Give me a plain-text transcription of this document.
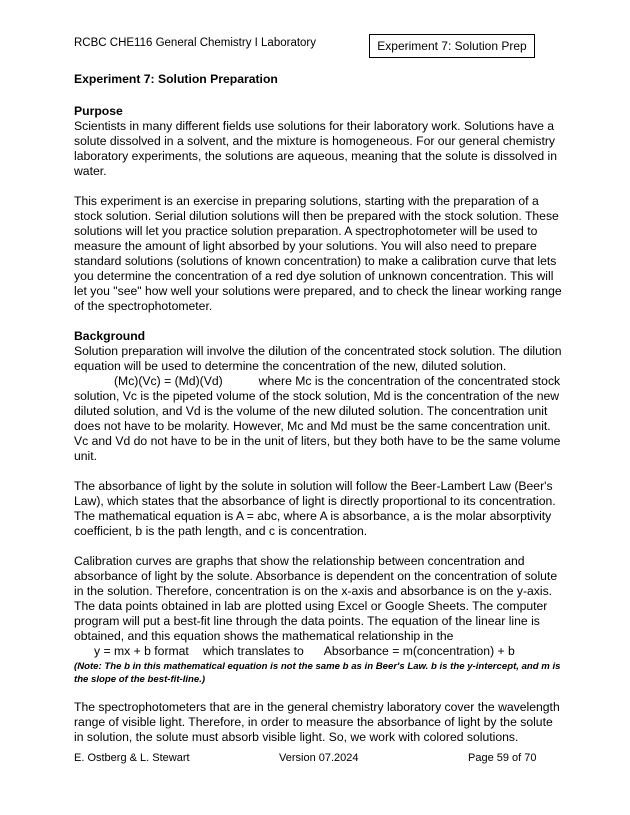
RCBC CHE116 General Chemistry I Laboratory	Experiment 7: Solution Prep
Experiment 7: Solution Preparation
Purpose

Scientists in many different fields use solutions for their laboratory work. Solutions have a solute dissolved in a solvent, and the mixture is homogeneous. For our general chemistry laboratory experiments, the solutions are aqueous, meaning that the solute is dissolved in water.

This experiment is an exercise in preparing solutions, starting with the preparation of a stock solution. Serial dilution solutions will then be prepared with the stock solution. These solutions will let you practice solution preparation. A spectrophotometer will be used to measure the amount of light absorbed by your solutions. You will also need to prepare standard solutions (solutions of known concentration) to make a calibration curve that lets you determine the concentration of a red dye solution of unknown concentration. This will let you "see" how well your solutions were prepared, and to check the linear working range of the spectrophotometer.

Background

Solution preparation will involve the dilution of the concentrated stock solution. The dilution equation will be used to determine the concentration of the new, diluted solution.
(Mc)(Vc) = (Md)(Vd)	where Mc is the concentration of the concentrated stock solution, Vc is the pipeted volume of the stock solution, Md is the concentration of the new diluted solution, and Vd is the volume of the new diluted solution. The concentration unit does not have to be molarity. However, Mc and Md must be the same concentration unit. Vc and Vd do not have to be in the unit of liters, but they both have to be the same volume unit.

The absorbance of light by the solute in solution will follow the Beer-Lambert Law (Beer's Law), which states that the absorbance of light is directly proportional to its concentration. The mathematical equation is A = abc, where A is absorbance, a is the molar absorptivity coefficient, b is the path length, and c is concentration.

Calibration curves are graphs that show the relationship between concentration and absorbance of light by the solute. Absorbance is dependent on the concentration of solute in the solution. Therefore, concentration is on the x-axis and absorbance is on the y-axis. The data points obtained in lab are plotted using Excel or Google Sheets. The computer program will put a best-fit line through the data points. The equation of the linear line is obtained, and this equation shows the mathematical relationship in the
y = mx + b format which translates to Absorbance = m(concentration) + b

(Note: The b in this mathematical equation is not the same b as in Beer's Law. b is the y-intercept, and m is the slope of the best-fit-line.)

The spectrophotometers that are in the general chemistry laboratory cover the wavelength range of visible light. Therefore, in order to measure the absorbance of light by the solute in solution, the solute must absorb visible light. So, we work with colored solutions.

E. Ostberg & L. Stewart	Version 07.2024	Page 59 of 70
